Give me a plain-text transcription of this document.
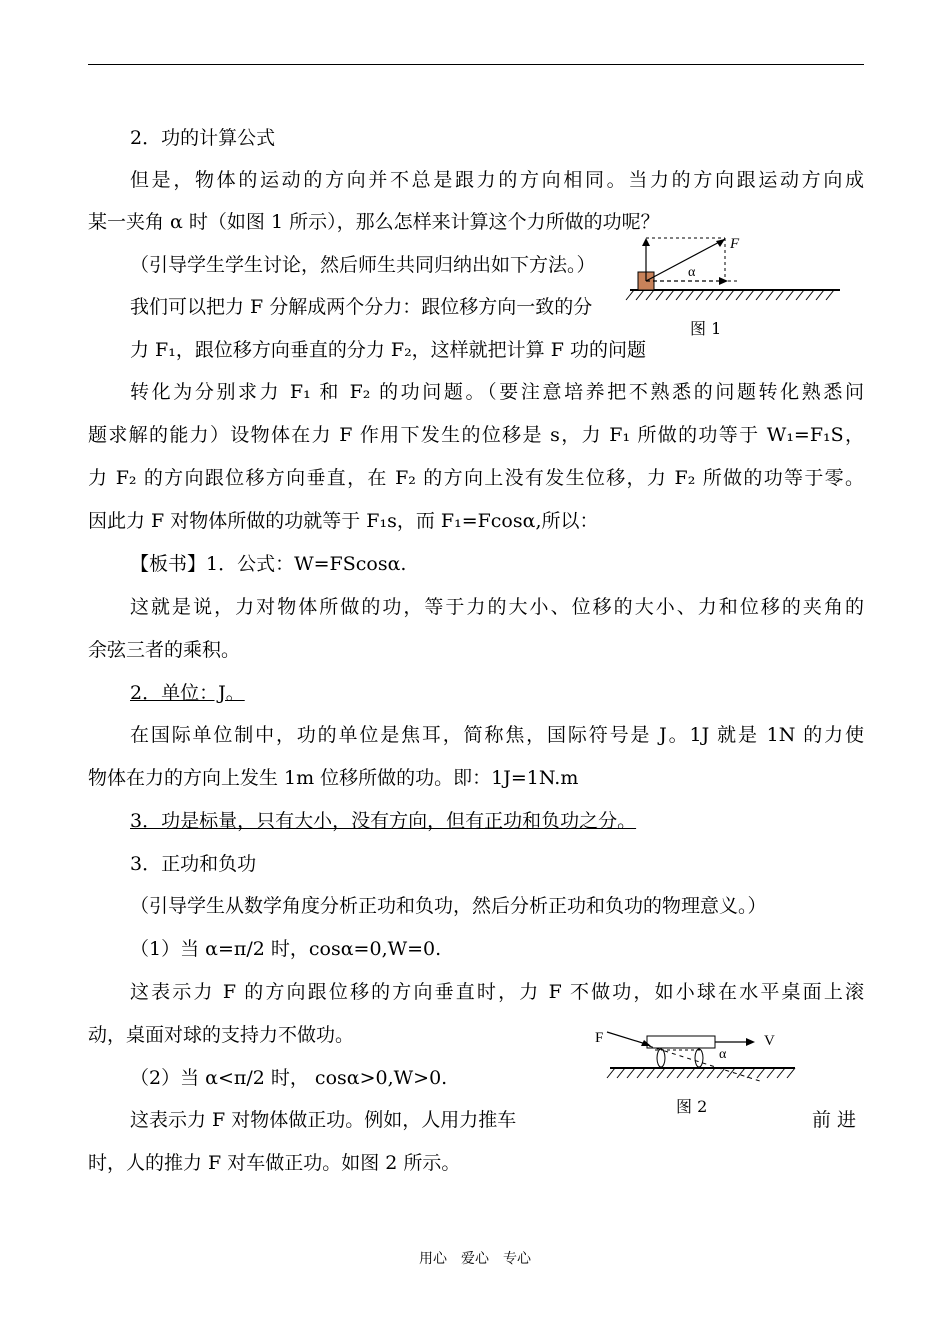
2．功的计算公式
但是，物体的运动的方向并不总是跟力的方向相同。当力的方向跟运动方向成
某一夹角 α 时（如图 1 所示），那么怎样来计算这个力所做的功呢？
（引导学生学生讨论，然后师生共同归纳出如下方法。）
我们可以把力 F 分解成两个分力：跟位移方向一致的分
力 F₁，跟位移方向垂直的分力 F₂，这样就把计算 F 功的问题
转化为分别求力 F₁ 和 F₂ 的功问题。（要注意培养把不熟悉的问题转化熟悉问
题求解的能力）设物体在力 F 作用下发生的位移是 s，力 F₁ 所做的功等于 W₁=F₁S，
力 F₂ 的方向跟位移方向垂直，在 F₂ 的方向上没有发生位移，力 F₂ 所做的功等于零。
因此力 F 对物体所做的功就等于 F₁s，而 F₁=Fcosα,所以：
【板书】1．公式：W=FScosα.
这就是说，力对物体所做的功，等于力的大小、位移的大小、力和位移的夹角的
余弦三者的乘积。
2．单位：J。
在国际单位制中，功的单位是焦耳，简称焦，国际符号是 J。1J 就是 1N 的力使
物体在力的方向上发生 1m 位移所做的功。即：1J=1N.m
3．功是标量，只有大小，没有方向，但有正功和负功之分。
3．正功和负功
（引导学生从数学角度分析正功和负功，然后分析正功和负功的物理意义。）
（1）当 α=π/2 时，cosα=0,W=0.
这表示力 F 的方向跟位移的方向垂直时，力 F 不做功，如小球在水平桌面上滚
动，桌面对球的支持力不做功。
（2）当 α<π/2 时， cosα>0,W>0.
这表示力 F 对物体做正功。例如，人用力推车	前 进
时，人的推力 F 对车做正功。如图 2 所示。
F
α
图 1
F	V
α
图 2
用心　爱心　专心
